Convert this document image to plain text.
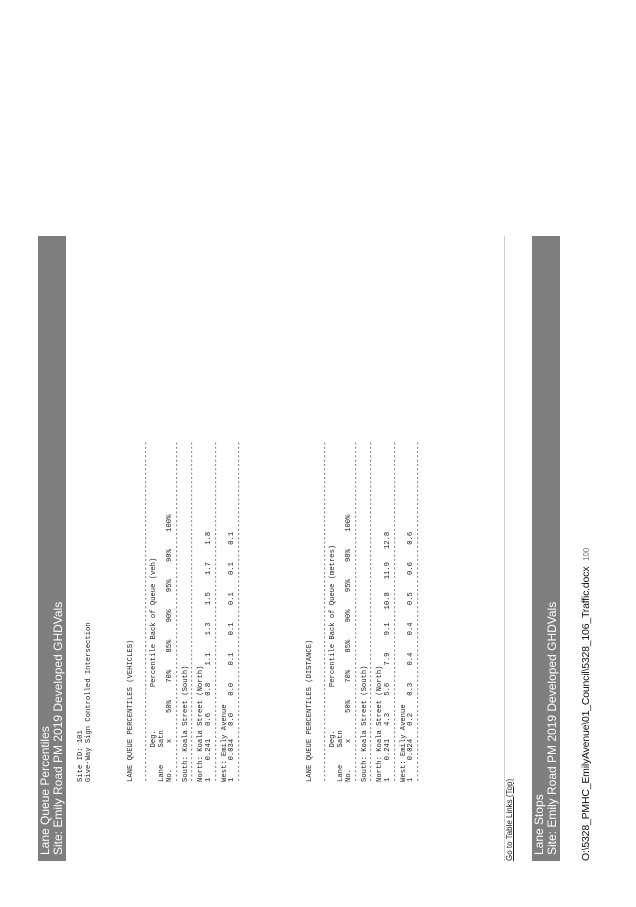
Lane Queue Percentiles Site: Emily Road PM 2019 Developed GHDVals Site ID: 101 Give-Way Sign Controlled Intersection	LANE QUEUE PERCENTILES (VEHICLES) ------------------------------------------------------------------------------- Deg.          Percentile Back of Queue (veh) Lane    Satn No.      x      50%    70%    85%    90%    95%    98%    100% ------------------------------------------------------------------------------- South: Koala Street (South) ------------------------------------------------------------------------------- North: Koala Street (North) 1    0.241   0.6    0.8    1.1    1.3    1.5    1.7    1.8 ------------------------------------------------------------------------------- West: Emily Avenue 1    0.034   0.0    0.0    0.1    0.1    0.1    0.1    0.1 -------------------------------------------------------------------------------	LANE QUEUE PERCENTILES (DISTANCE) ------------------------------------------------------------------------------- Deg.          Percentile Back of Queue (metres) Lane    Satn No.      x      50%    70%    85%    90%    95%    98%    100% ------------------------------------------------------------------------------- South: Koala Street (South) ------------------------------------------------------------------------------- North: Koala Street (North) 1    0.241   4.3    5.6    7.9    9.1   10.8   11.9   12.8 ------------------------------------------------------------------------------- West: Emily Avenue 1    0.024   0.2    0.3    0.4    0.4    0.5    0.6    0.6 -------------------------------------------------------------------------------
Go to Table Links (Top) Lane Stops Site: Emily Road PM 2019 Developed GHDVals O:\5328_PMHC_EmilyAvenue\01_Council\5328_106_Traffic.docx100
